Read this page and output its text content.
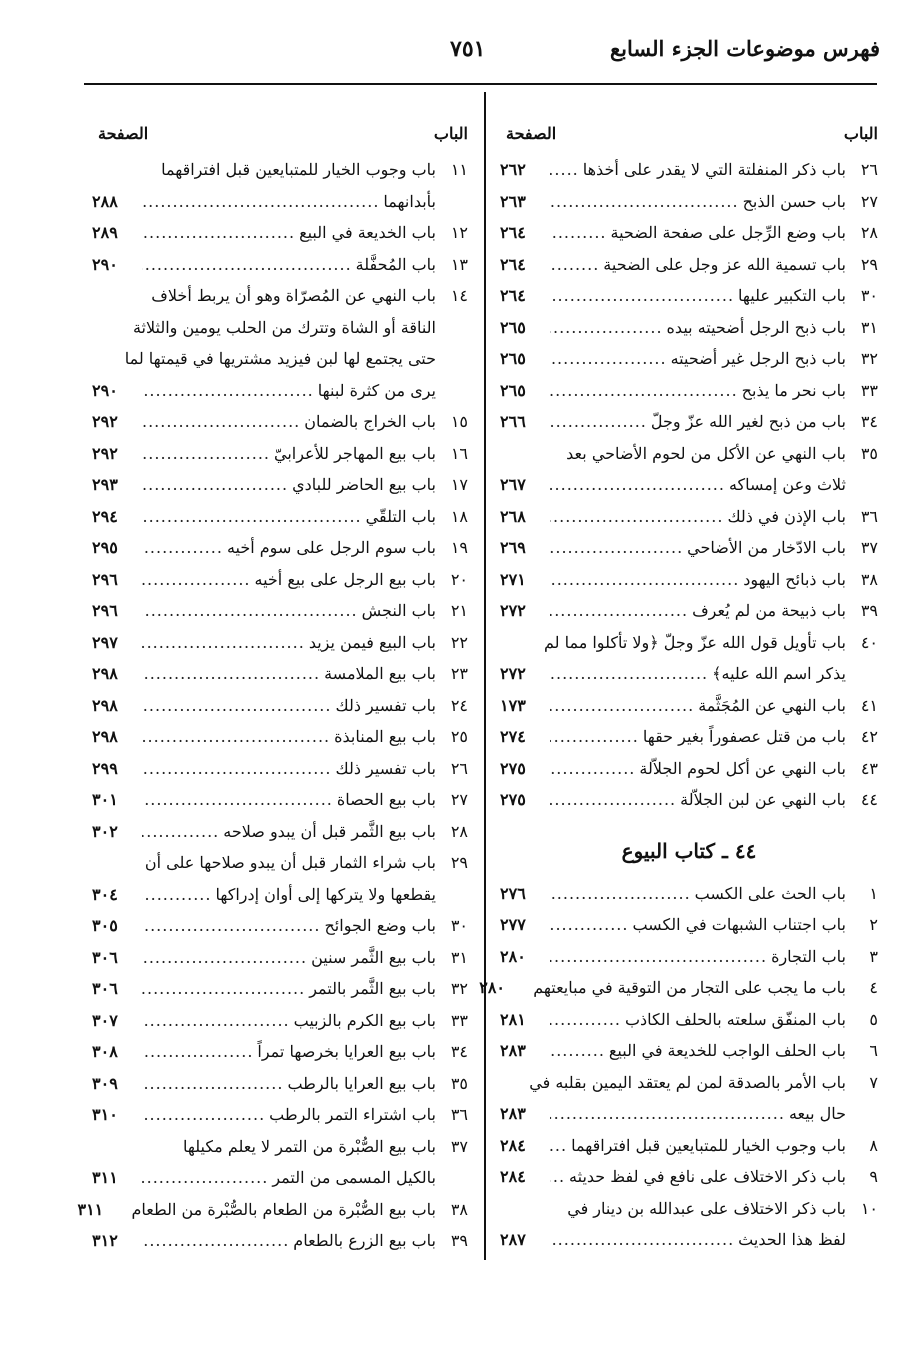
فهرس موضوعات الجزء السابع
٧٥١
الباب
الصفحة
٢٦
باب ذكر المنفلتة التي لا يقدر على أخذها
.....
٢٦٢
٢٧
باب حسن الذبح
.....
٢٦٣
٢٨
باب وضع الرِّجل على صفحة الضحية
.....
٢٦٤
٢٩
باب تسمية الله عز وجل على الضحية
.....
٢٦٤
٣٠
باب التكبير عليها
.....
٢٦٤
٣١
باب ذبح الرجل أضحيته بيده
.....
٢٦٥
٣٢
باب ذبح الرجل غير أضحيته
.....
٢٦٥
٣٣
باب نحر ما يذبح
.....
٢٦٥
٣٤
باب من ذبح لغير الله عزّ وجلّ
.....
٢٦٦
٣٥
باب النهي عن الأكل من لحوم الأضاحي بعد
ثلاث وعن إمساكه
.....
٢٦٧
٣٦
باب الإذن في ذلك
.....
٢٦٨
٣٧
باب الادّخار من الأضاحي
.....
٢٦٩
٣٨
باب ذبائح اليهود
.....
٢٧١
٣٩
باب ذبيحة من لم يُعرف
.....
٢٧٢
٤٠
باب تأويل قول الله عزّ وجلّ ﴿ولا تأكلوا مما لم
يذكر اسم الله عليه﴾
.....
٢٧٢
٤١
باب النهي عن المُجَثَّمة
.....
١٧٣
٤٢
باب من قتل عصفوراً بغير حقها
.....
٢٧٤
٤٣
باب النهي عن أكل لحوم الجلاّلة
.....
٢٧٥
٤٤
باب النهي عن لبن الجلاّلة
.....
٢٧٥
٤٤ ـ كتاب البيوع
١
باب الحث على الكسب
.....
٢٧٦
٢
باب اجتناب الشبهات في الكسب
.....
٢٧٧
٣
باب التجارة
.....
٢٨٠
٤
باب ما يجب على التجار من التوقية في مبايعتهم
٢٨٠
٥
باب المنفّق سلعته بالحلف الكاذب
.....
٢٨١
٦
باب الحلف الواجب للخديعة في البيع
.....
٢٨٣
٧
باب الأمر بالصدقة لمن لم يعتقد اليمين بقلبه في
حال بيعه
.....
٢٨٣
٨
باب وجوب الخيار للمتبايعين قبل افتراقهما
.....
٢٨٤
٩
باب ذكر الاختلاف على نافع في لفظ حديثه
.....
٢٨٤
١٠
باب ذكر الاختلاف على عبدالله بن دينار في
لفظ هذا الحديث
.....
٢٨٧
الباب
الصفحة
١١
باب وجوب الخيار للمتبايعين قبل افتراقهما
بأبدانهما
.....
٢٨٨
١٢
باب الخديعة في البيع
.....
٢٨٩
١٣
باب المُحفَّلة
.....
٢٩٠
١٤
باب النهي عن المُصرّاة وهو أن يربط أخلاف
الناقة أو الشاة وتترك من الحلب يومين والثلاثة
حتى يجتمع لها لبن فيزيد مشتريها في قيمتها لما
يرى من كثرة لبنها
.....
٢٩٠
١٥
باب الخراج بالضمان
.....
٢٩٢
١٦
باب بيع المهاجر للأعرابيّ
.....
٢٩٢
١٧
باب بيع الحاضر للبادي
.....
٢٩٣
١٨
باب التلقّي
.....
٢٩٤
١٩
باب سوم الرجل على سوم أخيه
.....
٢٩٥
٢٠
باب بيع الرجل على بيع أخيه
.....
٢٩٦
٢١
باب النجش
.....
٢٩٦
٢٢
باب البيع فيمن يزيد
.....
٢٩٧
٢٣
باب بيع الملامسة
.....
٢٩٨
٢٤
باب تفسير ذلك
.....
٢٩٨
٢٥
باب بيع المنابذة
.....
٢٩٨
٢٦
باب تفسير ذلك
.....
٢٩٩
٢٧
باب بيع الحصاة
.....
٣٠١
٢٨
باب بيع الثَّمر قبل أن يبدو صلاحه
.....
٣٠٢
٢٩
باب شراء الثمار قبل أن يبدو صلاحها على أن
يقطعها ولا يتركها إلى أوان إدراكها
.....
٣٠٤
٣٠
باب وضع الجوائح
.....
٣٠٥
٣١
باب بيع الثَّمر سنين
.....
٣٠٦
٣٢
باب بيع الثَّمر بالتمر
.....
٣٠٦
٣٣
باب بيع الكرم بالزبيب
.....
٣٠٧
٣٤
باب بيع العرايا بخرصها تمراً
.....
٣٠٨
٣٥
باب بيع العرايا بالرطب
.....
٣٠٩
٣٦
باب اشتراء التمر بالرطب
.....
٣١٠
٣٧
باب بيع الصُّبْرة من التمر لا يعلم مكيلها
بالكيل المسمى من التمر
.....
٣١١
٣٨
باب بيع الصُّبْرة من الطعام بالصُّبْرة من الطعام
٣١١
٣٩
باب بيع الزرع بالطعام
.....
٣١٢
